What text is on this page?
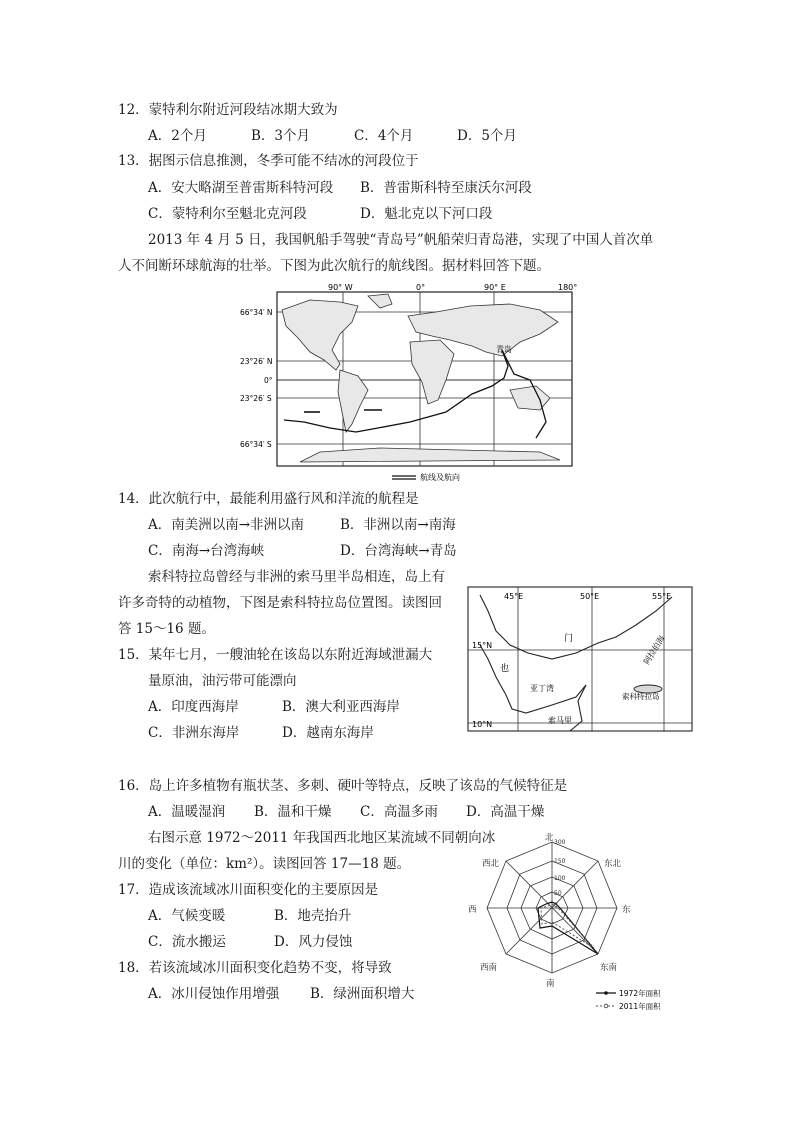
12．蒙特利尔附近河段结冰期大致为
A．2个月	B．3个月	C．4个月	D．5个月
13．据图示信息推测，冬季可能不结冰的河段位于
A．安大略湖至普雷斯科特河段 B．普雷斯科特至康沃尔河段
C．蒙特利尔至魁北克河段	D．魁北克以下河口段
2013 年 4 月 5 日，我国帆船手驾驶“青岛号”帆船荣归青岛港，实现了中国人首次单
人不间断环球航海的壮举。下图为此次航行的航线图。据材料回答下题。
90° W	0°	90° E	180°
66°34′ N
23°26′ N
0°
23°26′ S
66°34′ S
青岛
航线及航向
14．此次航行中，最能利用盛行风和洋流的航程是
A．南美洲以南→非洲以南	B．非洲以南→南海
C．南海→台湾海峡	D．台湾海峡→青岛
索科特拉岛曾经与非洲的索马里半岛相连，岛上有
许多奇特的动植物，下图是索科特拉岛位置图。读图回
答 15～16 题。
45°E	50°E	55°E
15°N
10°N
门
也
阿拉伯海
亚丁湾
索科特拉岛
索马里
15．某年七月，一艘油轮在该岛以东附近海域泄漏大
量原油，油污带可能漂向
A．印度西海岸	B．澳大利亚西海岸
C．非洲东海岸	D．越南东海岸
16．岛上许多植物有瓶状茎、多刺、硬叶等特点，反映了该岛的气候特征是
A．温暖湿润 B．温和干燥 C．高温多雨 D．高温干燥
右图示意 1972～2011 年我国西北地区某流域不同朝向冰
川的变化（单位：km²）。读图回答 17—18 题。
北
东北
东
东南
南
西南
西
西北
300
150
100
50
0
1972年面积
2011年面积
17．造成该流域冰川面积变化的主要原因是
A．气候变暖	B．地壳抬升
C．流水搬运	D．风力侵蚀
18．若该流域冰川面积变化趋势不变，将导致
A．冰川侵蚀作用增强 B．绿洲面积增大
